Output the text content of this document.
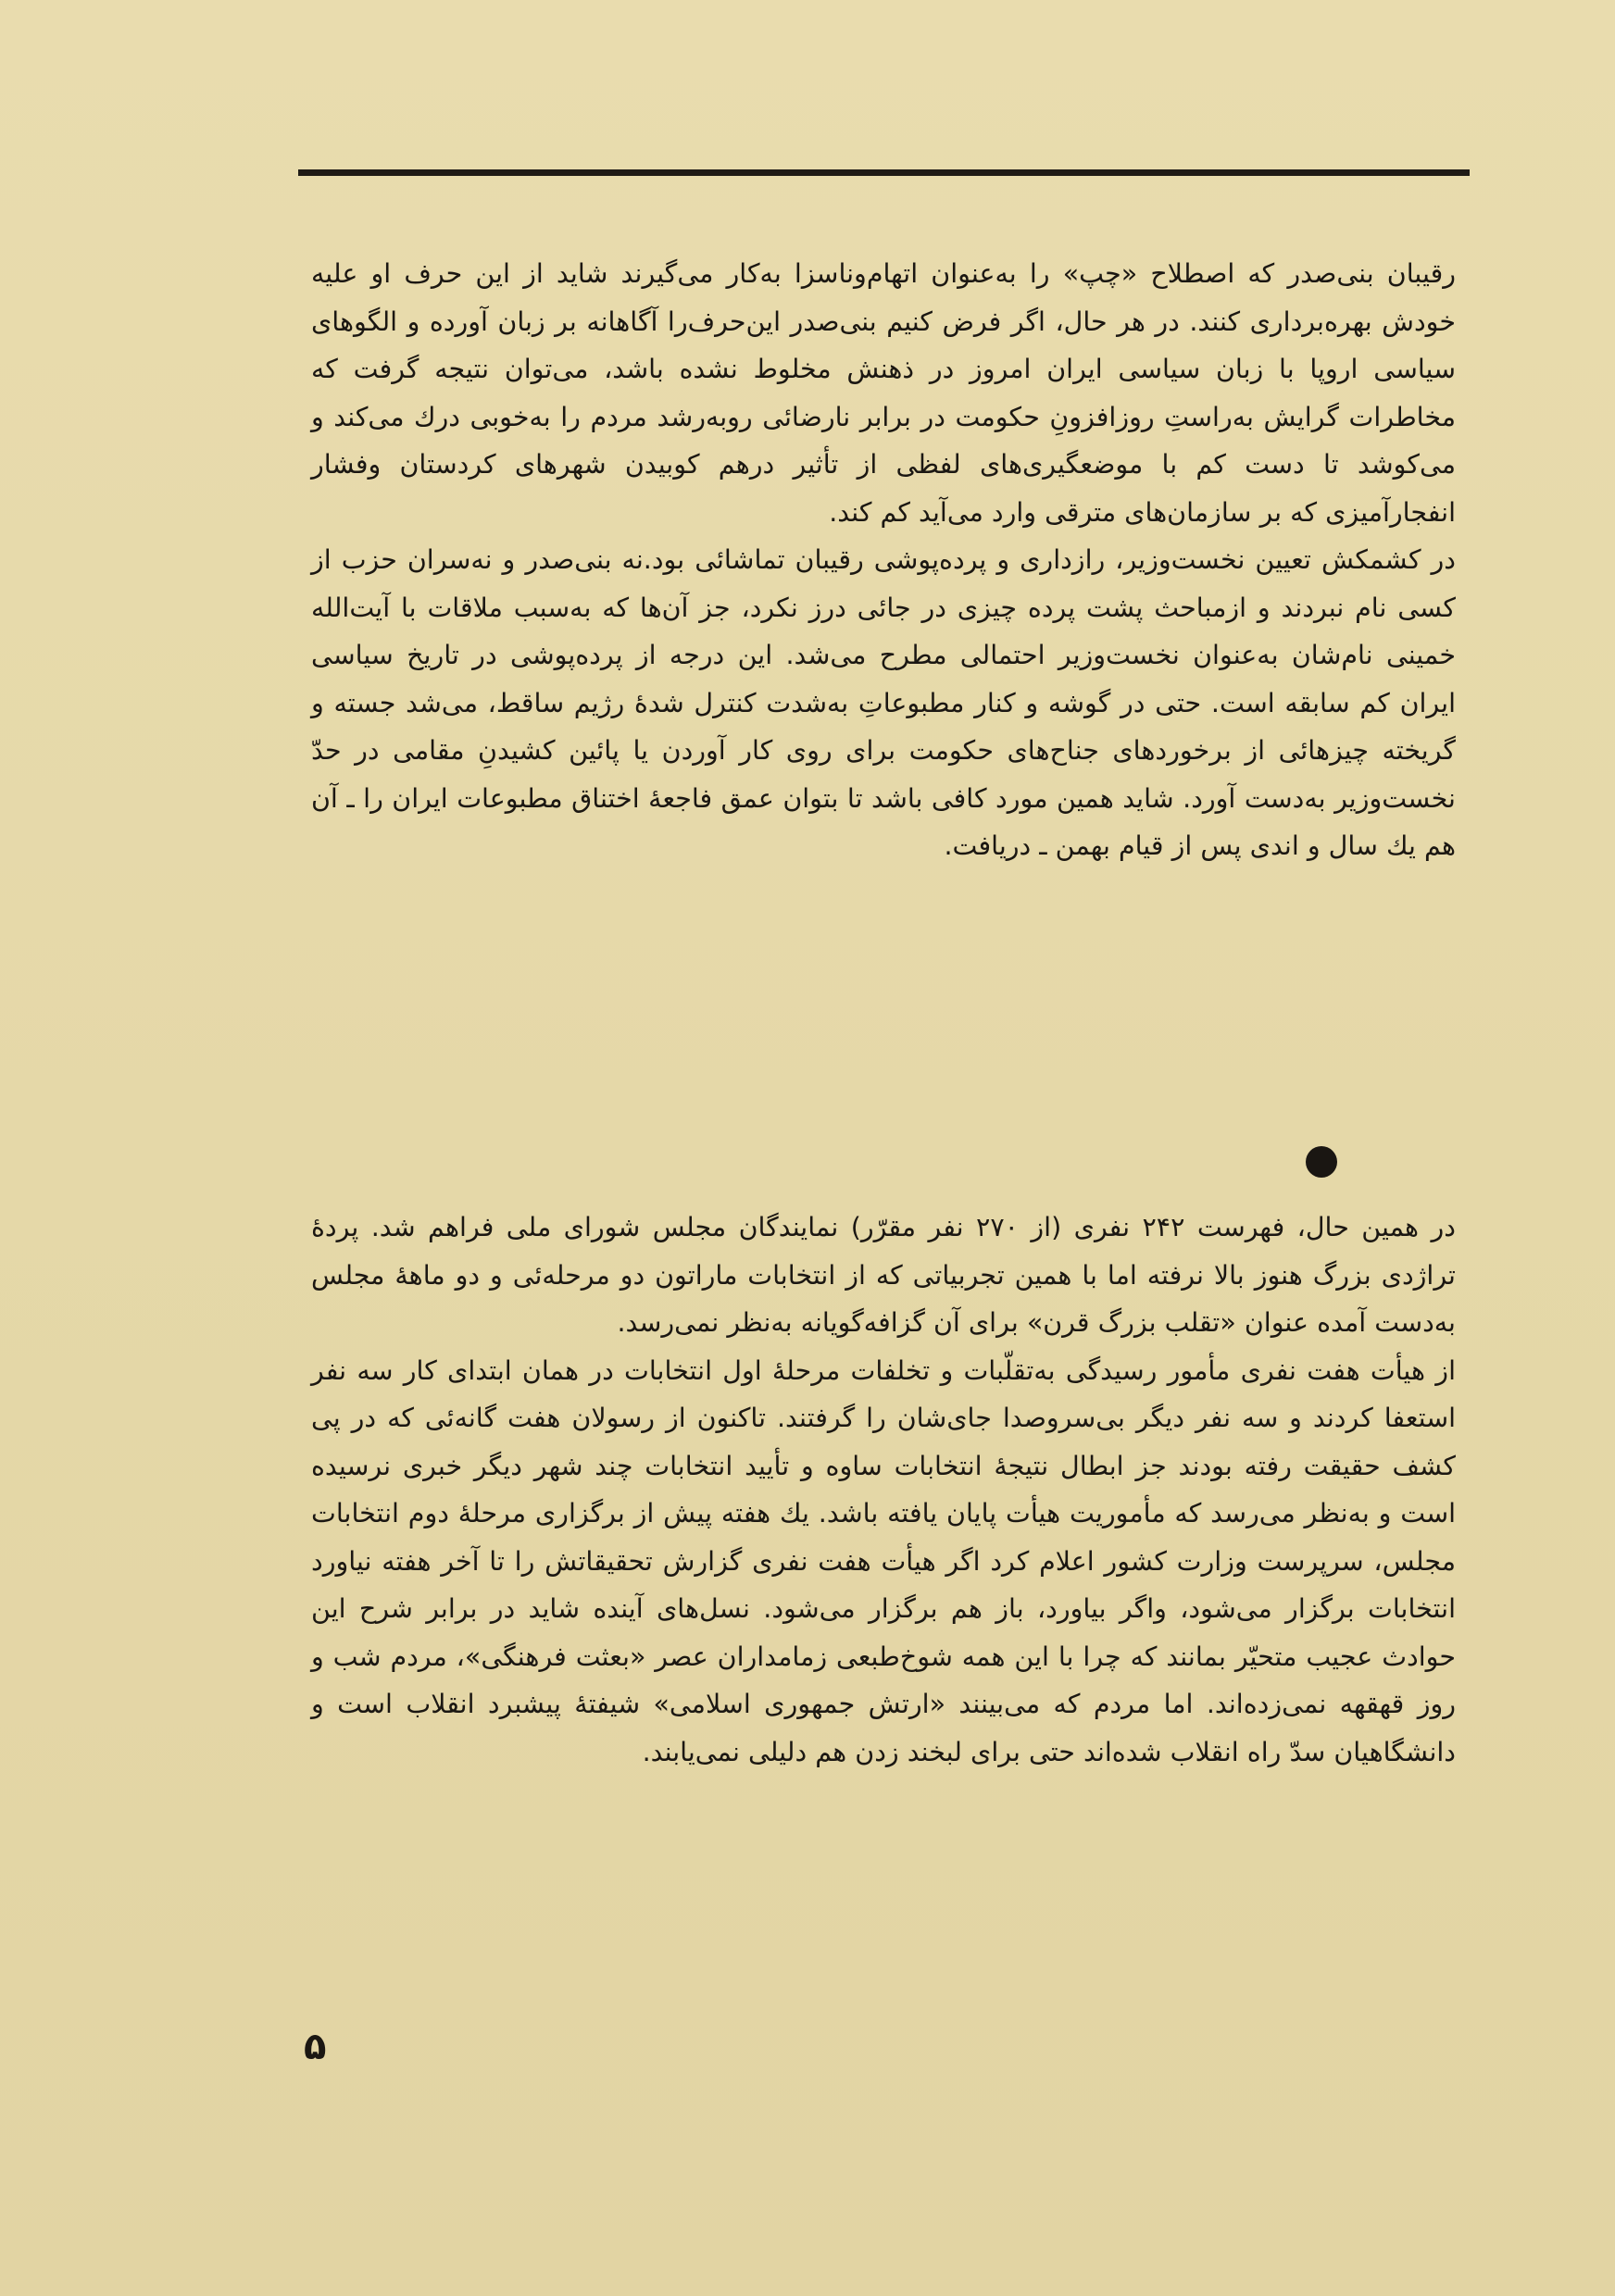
رقیبان بنی‌صدر که اصطلاح «چپ» را به‌عنوان اتهام‌وناسزا به‌کار می‌گیرند شاید از این حرف او علیه خودش بهره‌برداری کنند. در هر حال، اگر فرض کنیم بنی‌صدر این‌حرف‌را آگاهانه بر زبان آورده و الگوهای سیاسی اروپا با زبان سیاسی ایران امروز در ذهنش مخلوط نشده باشد، می‌توان نتیجه گرفت که مخاطرات گرایش به‌راستِ روزافزونِ حکومت در برابر نارضائی روبه‌رشد مردم را به‌خوبی درك می‌کند و می‌کوشد تا دست کم با موضعگیری‌های لفظی از تأثیر درهم کوبیدن شهرهای کردستان وفشار انفجارآمیزی که بر سازمان‌های مترقی وارد می‌آید کم کند.

در کشمکش تعیین نخست‌وزیر، رازداری و پرده‌پوشی رقیبان تماشائی بود.نه بنی‌صدر و نه‌سران حزب از کسی نام نبردند و ازمباحث پشت پرده چیزی در جائی درز نکرد، جز آن‌ها که به‌سبب ملاقات با آیت‌الله خمینی نام‌شان به‌عنوان نخست‌وزیر احتمالی مطرح می‌شد. این درجه از پرده‌پوشی در تاریخ سیاسی ایران کم سابقه است. حتی در گوشه و کنار مطبوعاتِ به‌شدت کنترل شدهٔ رژیم ساقط، می‌شد جسته و گریخته چیزهائی از برخوردهای جناح‌های حکومت برای روی کار آوردن یا پائین کشیدنِ مقامی در حدّ نخست‌وزیر به‌دست آورد. شاید همین مورد کافی باشد تا بتوان عمق فاجعهٔ اختناق مطبوعات ایران را ـ آن هم یك سال و اندی پس از قیام بهمن ـ دریافت.

در همین حال، فهرست ۲۴۲ نفری (از ۲۷۰ نفر مقرّر) نمایندگان مجلس شورای ملی فراهم شد. پردهٔ تراژدی بزرگ هنوز بالا نرفته اما با همین تجربیاتی که از انتخابات ماراتون دو مرحله‌ئی و دو ماههٔ مجلس به‌دست آمده عنوان «تقلب بزرگ قرن» برای آن گزافه‌گویانه به‌نظر نمی‌رسد.

از هیأت هفت نفری مأمور رسیدگی به‌تقلّبات و تخلفات مرحلهٔ اول انتخابات در همان ابتدای کار سه نفر استعفا کردند و سه نفر دیگر بی‌سروصدا جای‌شان را گرفتند. تاکنون از رسولان هفت گانه‌ئی که در پی کشف حقیقت رفته بودند جز ابطال نتیجهٔ انتخابات ساوه و تأیید انتخابات چند شهر دیگر خبری نرسیده است و به‌نظر می‌رسد که مأموریت هیأت پایان یافته باشد. یك هفته پیش از برگزاری مرحلهٔ دوم انتخابات مجلس، سرپرست وزارت کشور اعلام کرد اگر هیأت هفت نفری گزارش تحقیقاتش را تا آخر هفته نیاورد انتخابات برگزار می‌شود، واگر بیاورد، باز هم برگزار می‌شود. نسل‌های آینده شاید در برابر شرح این حوادث عجیب متحیّر بمانند که چرا با این همه شوخ‌طبعی زمامداران عصر «بعثت فرهنگی»، مردم شب و روز قهقهه نمی‌زده‌اند. اما مردم که می‌بینند «ارتش جمهوری اسلامی» شیفتهٔ پیشبرد انقلاب است و دانشگاهیان سدّ راه انقلاب شده‌اند حتی برای لبخند زدن هم دلیلی نمی‌یابند.

۵
